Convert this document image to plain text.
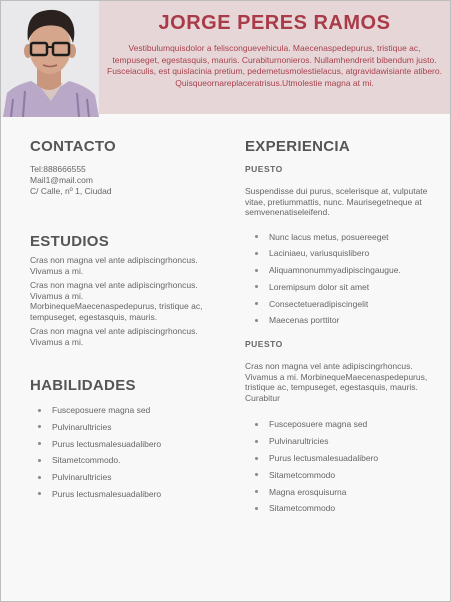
JORGE PERES RAMOS
Vestibulumquisdolor a felisconguevehicula. Maecenaspedepurus, tristique ac, tempuseget, egestasquis, mauris. Curabiturnonieros. Nullamhendrerit bibendum justo. Fusceiaculis, est quislacinia pretium, pedemetusmolestielacus, atgravidawisiante atibero. Quisqueornareplaceratrisus.Utmolestie magna at mi.
CONTACTO
Tel:888666555
Mail1@mail.com
C/ Calle, nº 1, Ciudad
ESTUDIOS
Cras non magna vel ante adipiscingrhoncus. Vivamus a mi.
Cras non magna vel ante adipiscingrhoncus. Vivamus a mi.
MorbinequeMaecenaspedepurus, tristique ac, tempuseget, egestasquis, mauris.
Cras non magna vel ante adipiscingrhoncus. Vivamus a mi.
HABILIDADES
Fusceposuere magna sed
Pulvinarultricies
Purus lectusmalesuadalibero
Sitametcommodo.
Pulvinarultricies
Purus lectusmalesuadalibero
EXPERIENCIA
PUESTO
Suspendisse dui purus, scelerisque at, vulputate vitae, pretiummattis, nunc. Maurisegetneque at semvenenatiseleifend.
Nunc lacus metus, posuereeget
Laciniaeu, variusquislibero
Aliquamnonummyadipiscingaugue.
Loremipsum dolor sit amet
Consectetueradipiscingelit
Maecenas porttitor
PUESTO
Cras non magna vel ante adipiscingrhoncus. Vivamus a mi. MorbinequeMaecenaspedepurus, tristique ac, tempuseget, egestasquis, mauris. Curabitur
Fusceposuere magna sed
Pulvinarultricies
Purus lectusmalesuadalibero
Sitametcommodo
Magna erosquisurna
Sitametcommodo
